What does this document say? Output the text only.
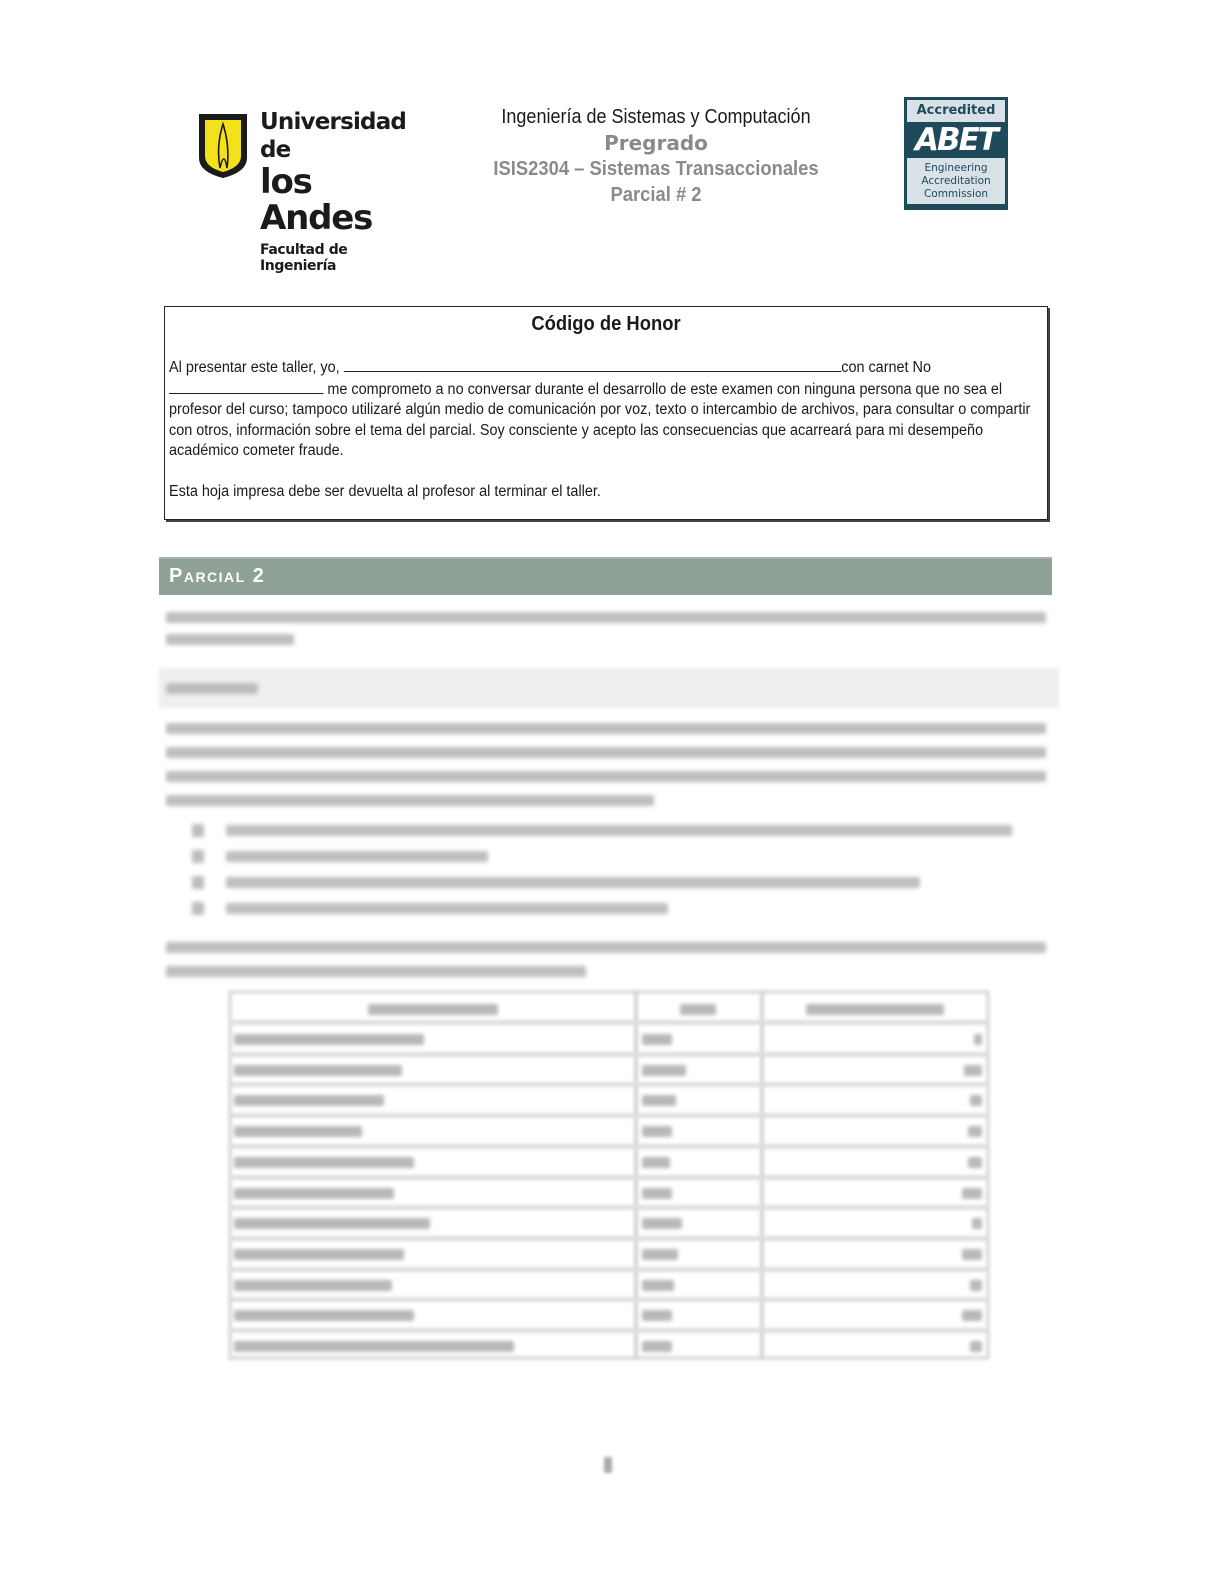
Universidad de
los Andes
Facultad de Ingeniería
Ingeniería de Sistemas y Computación
Pregrado
ISIS2304 – Sistemas Transaccionales
Parcial # 2
Accredited
ABET
Engineering
Accreditation
Commission
Código de Honor

Al presentar este taller, yo,	con carnet No

me comprometo a no conversar durante el desarrollo de este examen con ninguna persona que no sea el

profesor del curso; tampoco utilizaré algún medio de comunicación por voz, texto o intercambio de archivos, para consultar o compartir

con otros, información sobre el tema del parcial. Soy consciente y acepto las consecuencias que acarreará para mi desempeño

académico cometer fraude.

Esta hoja impresa debe ser devuelta al profesor al terminar el taller.

Parcial 2
